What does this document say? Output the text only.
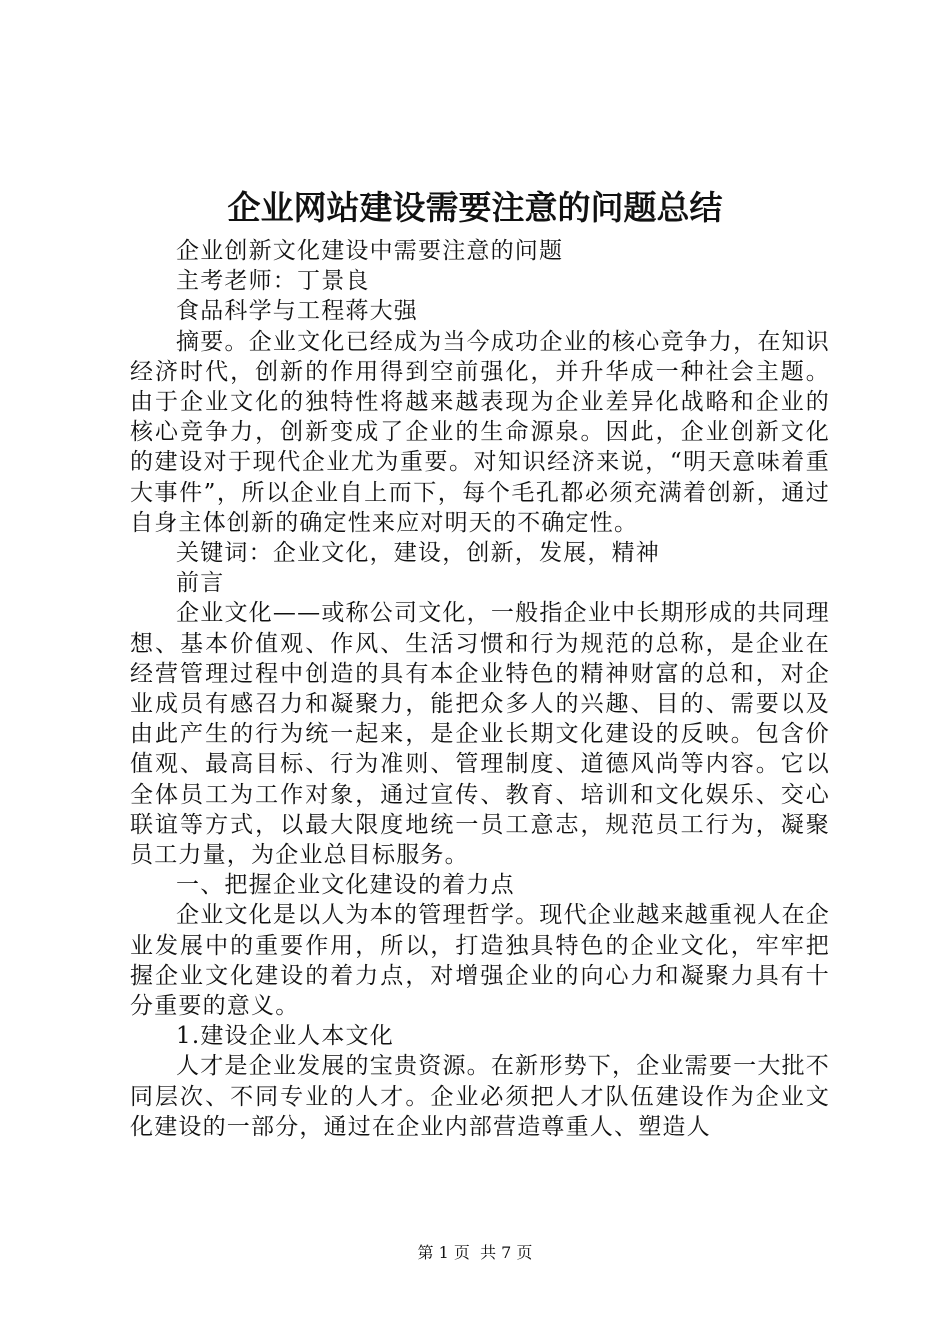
企业网站建设需要注意的问题总结

企业创新文化建设中需要注意的问题

主考老师：丁景良

食品科学与工程蒋大强

摘要。企业文化已经成为当今成功企业的核心竞争力，在知识经济时代，创新的作用得到空前强化，并升华成一种社会主题。由于企业文化的独特性将越来越表现为企业差异化战略和企业的核心竞争力，创新变成了企业的生命源泉。因此，企业创新文化的建设对于现代企业尤为重要。对知识经济来说，“明天意味着重大事件”，所以企业自上而下，每个毛孔都必须充满着创新，通过自身主体创新的确定性来应对明天的不确定性。

关键词：企业文化，建设，创新，发展，精神

前言

企业文化——或称公司文化，一般指企业中长期形成的共同理想、基本价值观、作风、生活习惯和行为规范的总称，是企业在经营管理过程中创造的具有本企业特色的精神财富的总和，对企业成员有感召力和凝聚力，能把众多人的兴趣、目的、需要以及由此产生的行为统一起来，是企业长期文化建设的反映。包含价值观、最高目标、行为准则、管理制度、道德风尚等内容。它以全体员工为工作对象，通过宣传、教育、培训和文化娱乐、交心联谊等方式，以最大限度地统一员工意志，规范员工行为，凝聚员工力量，为企业总目标服务。

一、把握企业文化建设的着力点

企业文化是以人为本的管理哲学。现代企业越来越重视人在企业发展中的重要作用，所以，打造独具特色的企业文化，牢牢把握企业文化建设的着力点，对增强企业的向心力和凝聚力具有十分重要的意义。

1.建设企业人本文化

人才是企业发展的宝贵资源。在新形势下，企业需要一大批不同层次、不同专业的人才。企业必须把人才队伍建设作为企业文化建设的一部分，通过在企业内部营造尊重人、塑造人

第 1 页  共 7 页
